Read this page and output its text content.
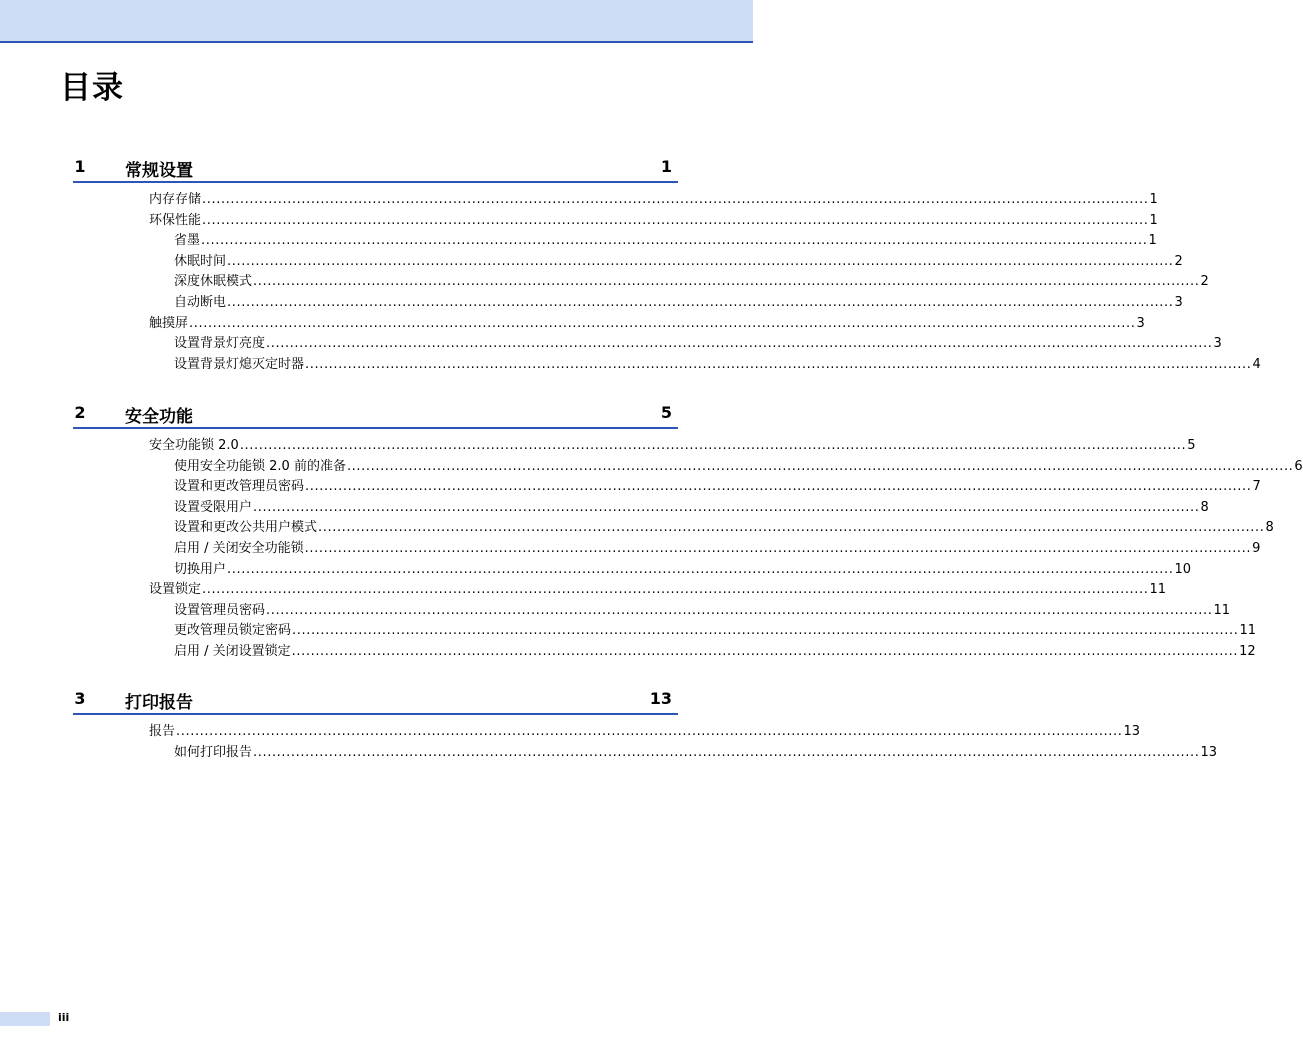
目录
1 常规设置	1
内存存储 ........................................................................................................................................................................................................ 1
环保性能 ........................................................................................................................................................................................................ 1
省墨 ........................................................................................................................................................................................................ 1
休眠时间 ........................................................................................................................................................................................................ 2
深度休眠模式 ........................................................................................................................................................................................................ 2
自动断电 ........................................................................................................................................................................................................ 3
触摸屏 ........................................................................................................................................................................................................ 3
设置背景灯亮度 ........................................................................................................................................................................................................ 3
设置背景灯熄灭定时器 ........................................................................................................................................................................................................ 4
2 安全功能	5
安全功能锁 2.0 ........................................................................................................................................................................................................ 5
使用安全功能锁 2.0 前的准备 ........................................................................................................................................................................................................ 6
设置和更改管理员密码 ........................................................................................................................................................................................................ 7
设置受限用户 ........................................................................................................................................................................................................ 8
设置和更改公共用户模式 ........................................................................................................................................................................................................ 8
启用 / 关闭安全功能锁 ........................................................................................................................................................................................................ 9
切换用户 ........................................................................................................................................................................................................ 10
设置锁定 ........................................................................................................................................................................................................ 11
设置管理员密码 ........................................................................................................................................................................................................ 11
更改管理员锁定密码 ........................................................................................................................................................................................................ 11
启用 / 关闭设置锁定 ........................................................................................................................................................................................................ 12
3 打印报告	13
报告 ........................................................................................................................................................................................................ 13
如何打印报告 ........................................................................................................................................................................................................ 13
iii
